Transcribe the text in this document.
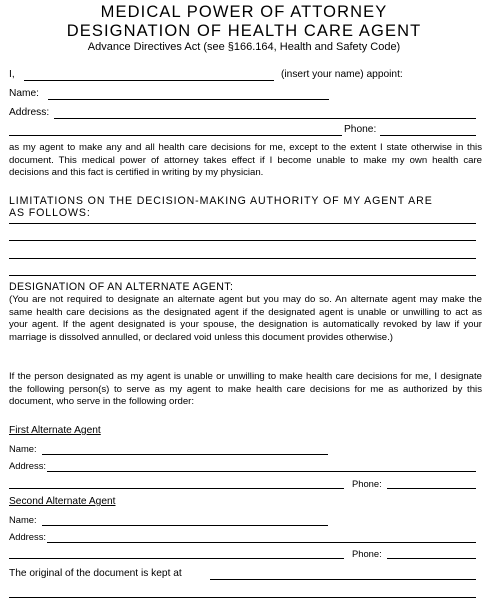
MEDICAL POWER OF ATTORNEY
DESIGNATION OF HEALTH CARE AGENT
Advance Directives Act (see §166.164, Health and Safety Code)
I,	(insert your name) appoint:
Name:
Address:
Phone:
as my agent to make any and all health care decisions for me, except to the extent I state otherwise in this document. This medical power of attorney takes effect if I become unable to make my own health care decisions and this fact is certified in writing by my physician.
LIMITATIONS ON THE DECISION-MAKING AUTHORITY OF MY AGENT ARE
AS FOLLOWS:
DESIGNATION OF AN ALTERNATE AGENT:
(You are not required to designate an alternate agent but you may do so. An alternate agent may make the same health care decisions as the designated agent if the designated agent is unable or unwilling to act as your agent. If the agent designated is your spouse, the designation is automatically revoked by law if your marriage is dissolved annulled, or declared void unless this document provides otherwise.)
If the person designated as my agent is unable or unwilling to make health care decisions for me, I designate the following person(s) to serve as my agent to make health care decisions for me as authorized by this document, who serve in the following order:
First Alternate Agent
Name:
Address:
Phone:
Second Alternate Agent
Name:
Address:
Phone:
The original of the document is kept at
